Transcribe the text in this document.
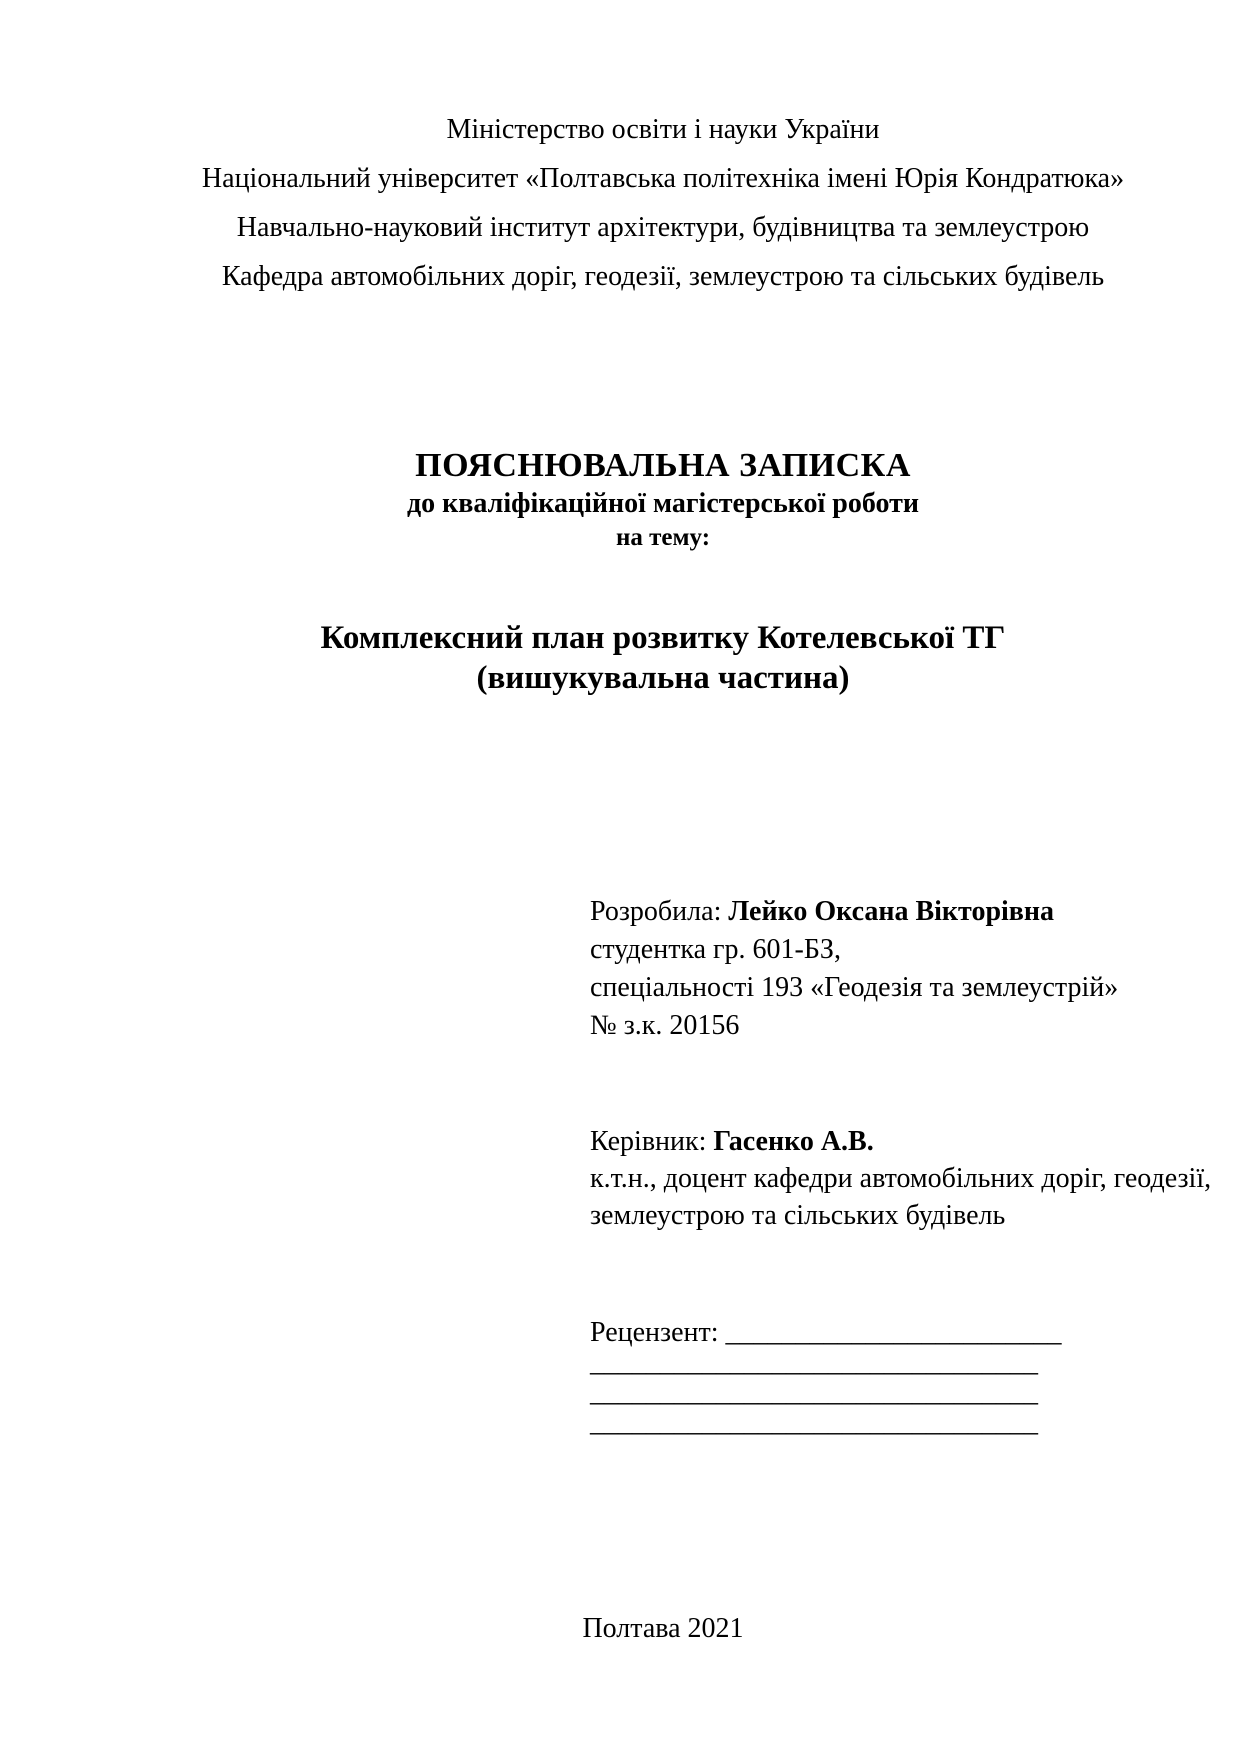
Міністерство освіти і науки України
Національний університет «Полтавська політехніка імені Юрія Кондратюка»
Навчально-науковий інститут архітектури, будівництва та землеустрою
Кафедра автомобільних доріг, геодезії, землеустрою та сільських будівель
ПОЯСНЮВАЛЬНА ЗАПИСКА
до кваліфікаційної магістерської роботи
на тему:
Комплексний план розвитку Котелевської ТГ
(вишукувальна частина)
Розробила: Лейко Оксана Вікторівна
студентка гр. 601-БЗ,
спеціальності 193 «Геодезія та землеустрій»
№ з.к. 20156
Керівник: Гасенко А.В.
к.т.н., доцент кафедри автомобільних доріг, геодезії,
землеустрою та сільських будівель
Рецензент: ________________________
________________________________
________________________________
________________________________
Полтава 2021
